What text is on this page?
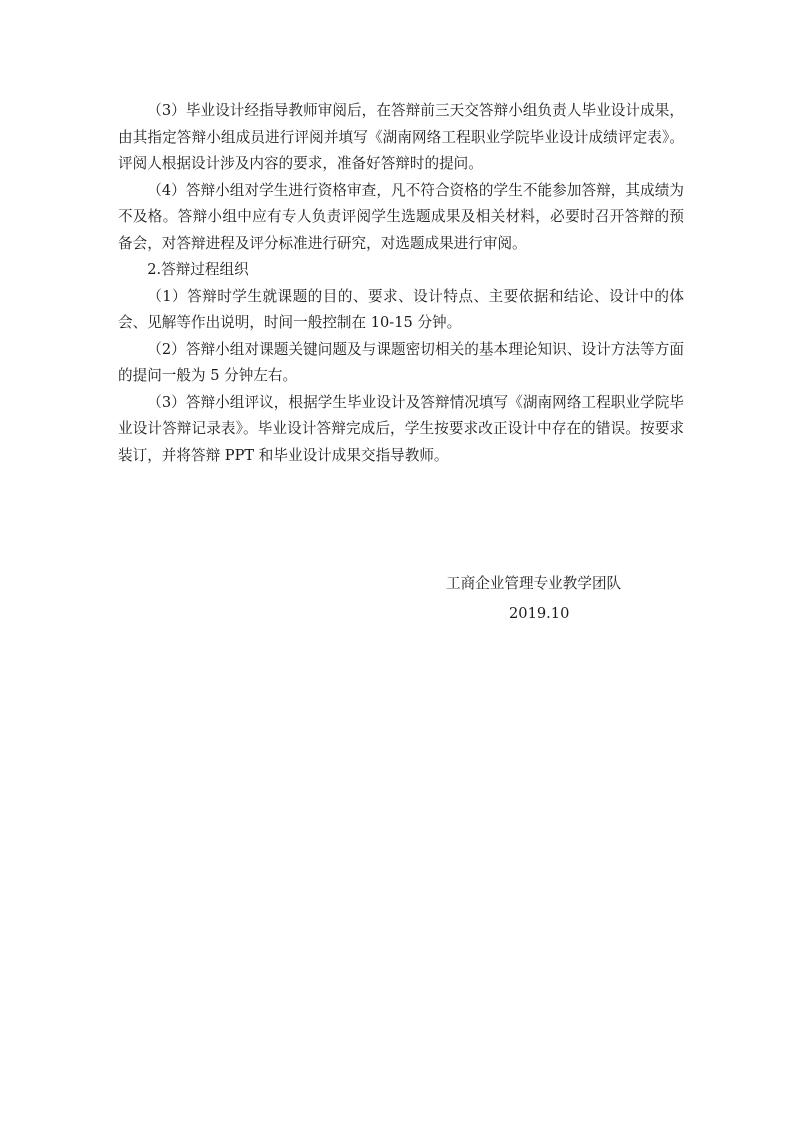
（3）毕业设计经指导教师审阅后，在答辩前三天交答辩小组负责人毕业设计成果，由其指定答辩小组成员进行评阅并填写《湖南网络工程职业学院毕业设计成绩评定表》。评阅人根据设计涉及内容的要求，准备好答辩时的提问。

（4）答辩小组对学生进行资格审查，凡不符合资格的学生不能参加答辩，其成绩为不及格。答辩小组中应有专人负责评阅学生选题成果及相关材料，必要时召开答辩的预备会，对答辩进程及评分标准进行研究，对选题成果进行审阅。

2.答辩过程组织

（1）答辩时学生就课题的目的、要求、设计特点、主要依据和结论、设计中的体会、见解等作出说明，时间一般控制在 10-15 分钟。

（2）答辩小组对课题关键问题及与课题密切相关的基本理论知识、设计方法等方面的提问一般为 5 分钟左右。

（3）答辩小组评议，根据学生毕业设计及答辩情况填写《湖南网络工程职业学院毕业设计答辩记录表》。毕业设计答辩完成后，学生按要求改正设计中存在的错误。按要求装订，并将答辩 PPT 和毕业设计成果交指导教师。

工商企业管理专业教学团队
2019.10
